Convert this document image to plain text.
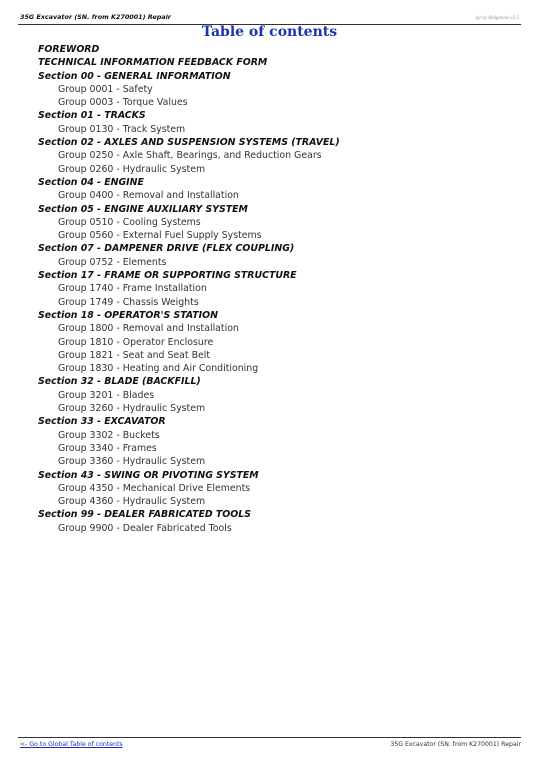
35G Excavator (SN. from K270001) Repair	(g) by Ballgonise v2.3
Table of contents
FOREWORD
TECHNICAL INFORMATION FEEDBACK FORM
Section 00 - GENERAL INFORMATION
Group 0001 - Safety
Group 0003 - Torque Values
Section 01 - TRACKS
Group 0130 - Track System
Section 02 - AXLES AND SUSPENSION SYSTEMS (TRAVEL)
Group 0250 - Axle Shaft, Bearings, and Reduction Gears
Group 0260 - Hydraulic System
Section 04 - ENGINE
Group 0400 - Removal and Installation
Section 05 - ENGINE AUXILIARY SYSTEM
Group 0510 - Cooling Systems
Group 0560 - External Fuel Supply Systems
Section 07 - DAMPENER DRIVE (FLEX COUPLING)
Group 0752 - Elements
Section 17 - FRAME OR SUPPORTING STRUCTURE
Group 1740 - Frame Installation
Group 1749 - Chassis Weights
Section 18 - OPERATOR'S STATION
Group 1800 - Removal and Installation
Group 1810 - Operator Enclosure
Group 1821 - Seat and Seat Belt
Group 1830 - Heating and Air Conditioning
Section 32 - BLADE (BACKFILL)
Group 3201 - Blades
Group 3260 - Hydraulic System
Section 33 - EXCAVATOR
Group 3302 - Buckets
Group 3340 - Frames
Group 3360 - Hydraulic System
Section 43 - SWING OR PIVOTING SYSTEM
Group 4350 - Mechanical Drive Elements
Group 4360 - Hydraulic System
Section 99 - DEALER FABRICATED TOOLS
Group 9900 - Dealer Fabricated Tools
<- Go to Global Table of contents	35G Excavator (SN. from K270001) Repair
